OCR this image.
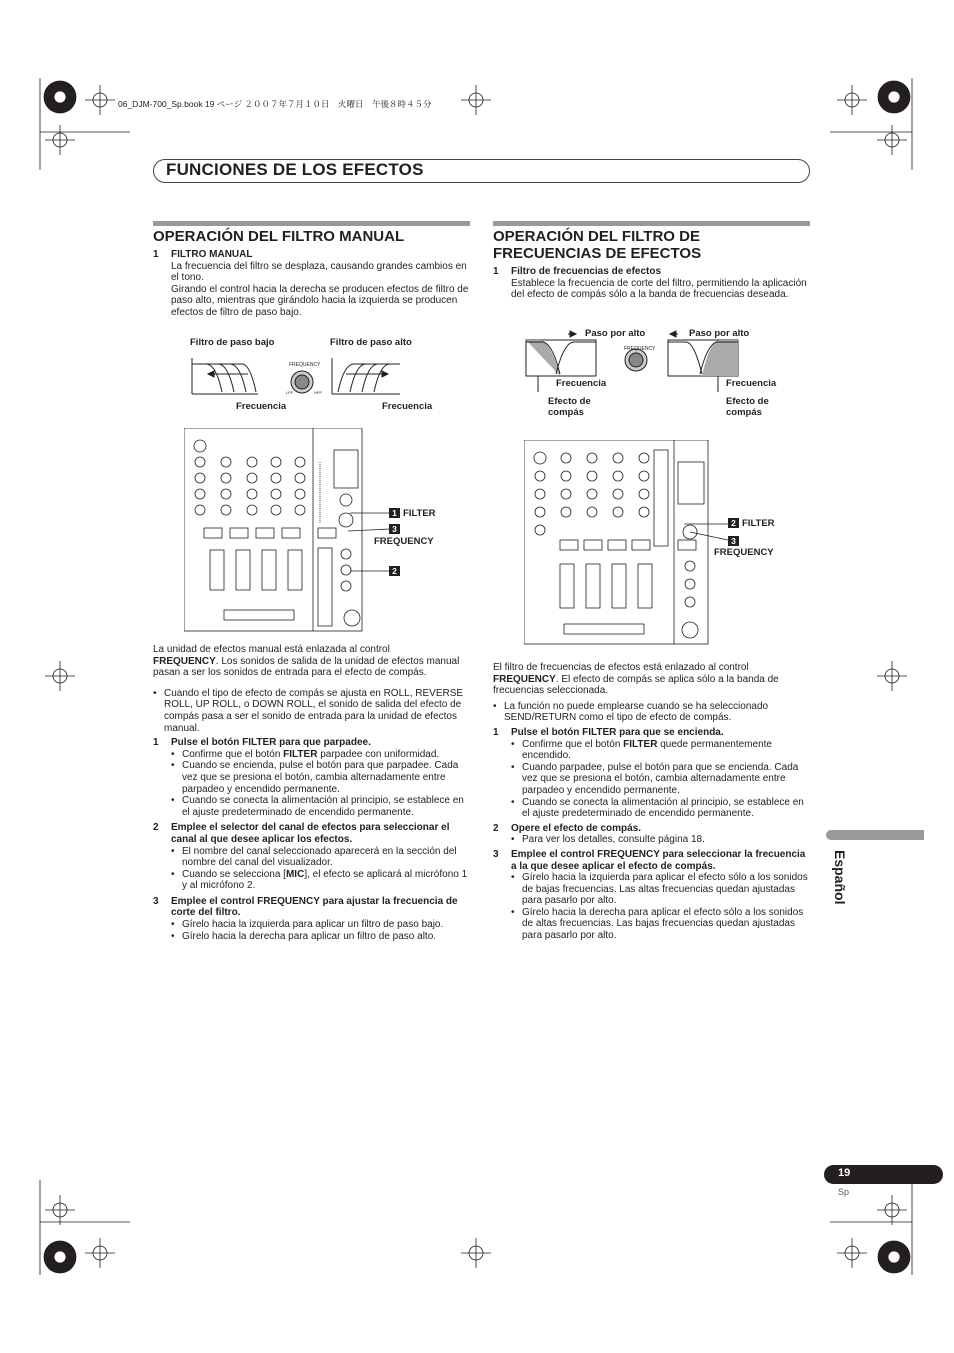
06_DJM-700_Sp.book 19 ページ ２００７年７月１０日　火曜日　午後８時４５分
FUNCIONES DE LOS EFECTOS
OPERACIÓN DEL FILTRO MANUAL
1	FILTRO MANUAL
La frecuencia del filtro se desplaza, causando grandes cambios en el tono.
Girando el control hacia la derecha se producen efectos de filtro de paso alto, mientras que girándolo hacia la izquierda se producen efectos de filtro de paso bajo.
Filtro de paso bajo	Filtro de paso alto
FREQUENCY
LPF	HPF
Frecuencia	Frecuencia
1 FILTER
3
FREQUENCY
2
La unidad de efectos manual está enlazada al control
FREQUENCY. Los sonidos de salida de la unidad de efectos manual pasan a ser los sonidos de entrada para el efecto de compás.
• Cuando el tipo de efecto de compás se ajusta en ROLL, REVERSE ROLL, UP ROLL, o DOWN ROLL, el sonido de salida del efecto de compás pasa a ser el sonido de entrada para la unidad de efectos manual.
1	Pulse el botón FILTER para que parpadee.
• Confirme que el botón FILTER parpadee con uniformidad.
• Cuando se encienda, pulse el botón para que parpadee. Cada vez que se presiona el botón, cambia alternadamente entre parpadeo y encendido permanente.
• Cuando se conecta la alimentación al principio, se establece en el ajuste predeterminado de encendido permanente.
2	Emplee el selector del canal de efectos para seleccionar el canal al que desee aplicar los efectos.
• El nombre del canal seleccionado aparecerá en la sección del nombre del canal del visualizador.
• Cuando se selecciona [MIC], el efecto se aplicará al micrófono 1 y al micrófono 2.
3	Emplee el control FREQUENCY para ajustar la frecuencia de corte del filtro.
• Gírelo hacia la izquierda para aplicar un filtro de paso bajo.
• Gírelo hacia la derecha para aplicar un filtro de paso alto.
OPERACIÓN DEL FILTRO DE
FRECUENCIAS DE EFECTOS
1	Filtro de frecuencias de efectos
Establece la frecuencia de corte del filtro, permitiendo la aplicación del efecto de compás sólo a la banda de frecuencias deseada.
Paso por alto	Paso por alto
FREQUENCY
Frecuencia	Frecuencia
Efecto de compás
Efecto de compás
2 FILTER
3
FREQUENCY
El filtro de frecuencias de efectos está enlazado al control
FREQUENCY. El efecto de compás se aplica sólo a la banda de frecuencias seleccionada.
• La función no puede emplearse cuando se ha seleccionado SEND/RETURN como el tipo de efecto de compás.
1	Pulse el botón FILTER para que se encienda.
• Confirme que el botón FILTER quede permanentemente encendido.
• Cuando parpadee, pulse el botón para que se encienda. Cada vez que se presiona el botón, cambia alternadamente entre parpadeo y encendido permanente.
• Cuando se conecta la alimentación al principio, se establece en el ajuste predeterminado de encendido permanente.
2	Opere el efecto de compás.
• Para ver los detalles, consulte página 18.
3	Emplee el control FREQUENCY para seleccionar la frecuencia a la que desee aplicar el efecto de compás.
• Gírelo hacia la izquierda para aplicar el efecto sólo a los sonidos de bajas frecuencias. Las altas frecuencias quedan ajustadas para pasarlo por alto.
• Gírelo hacia la derecha para aplicar el efecto sólo a los sonidos de altas frecuencias. Las bajas frecuencias quedan ajustadas para pasarlo por alto.
Español
19
Sp
